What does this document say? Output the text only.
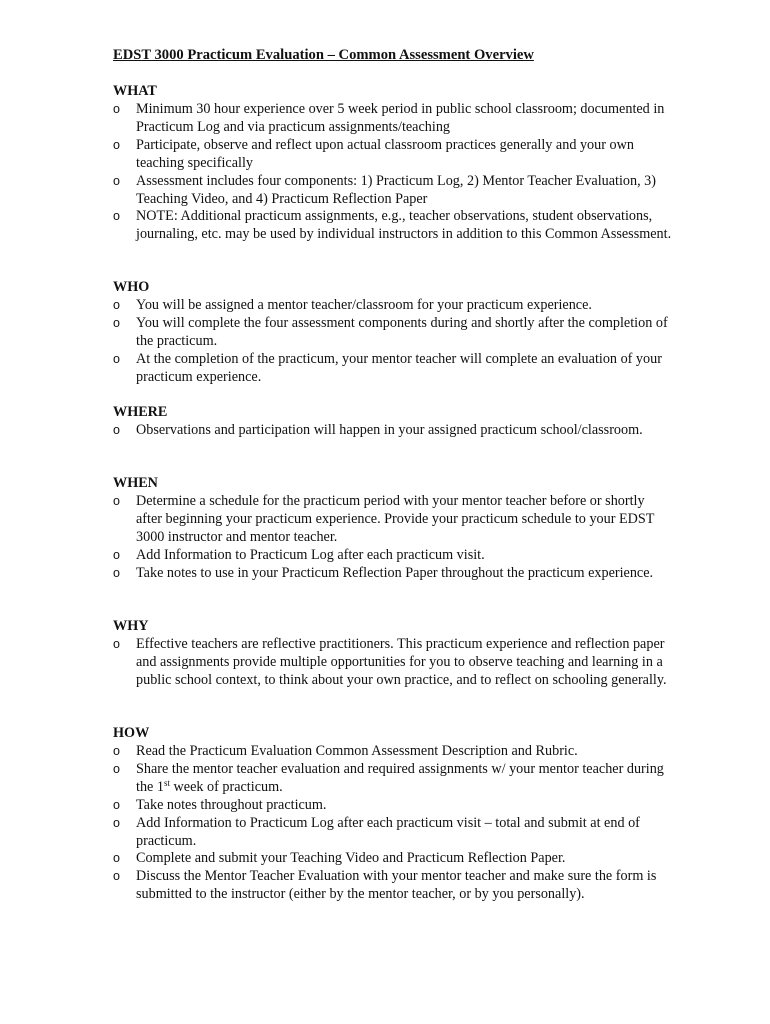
EDST 3000 Practicum Evaluation – Common Assessment Overview
WHAT
o Minimum 30 hour experience over 5 week period in public school classroom; documented in Practicum Log and via practicum assignments/teaching
o Participate, observe and reflect upon actual classroom practices generally and your own teaching specifically
o Assessment includes four components: 1) Practicum Log, 2) Mentor Teacher Evaluation, 3) Teaching Video, and 4) Practicum Reflection Paper
o NOTE: Additional practicum assignments, e.g., teacher observations, student observations, journaling, etc. may be used by individual instructors in addition to this Common Assessment.
WHO
o You will be assigned a mentor teacher/classroom for your practicum experience.
o You will complete the four assessment components during and shortly after the completion of the practicum.
o At the completion of the practicum, your mentor teacher will complete an evaluation of your practicum experience.
WHERE
o Observations and participation will happen in your assigned practicum school/classroom.
WHEN
o Determine a schedule for the practicum period with your mentor teacher before or shortly after beginning your practicum experience. Provide your practicum schedule to your EDST 3000 instructor and mentor teacher.
o Add Information to Practicum Log after each practicum visit.
o Take notes to use in your Practicum Reflection Paper throughout the practicum experience.
WHY
o Effective teachers are reflective practitioners. This practicum experience and reflection paper and assignments provide multiple opportunities for you to observe teaching and learning in a public school context, to think about your own practice, and to reflect on schooling generally.
HOW
o Read the Practicum Evaluation Common Assessment Description and Rubric.
o Share the mentor teacher evaluation and required assignments w/ your mentor teacher during the 1st week of practicum.
o Take notes throughout practicum.
o Add Information to Practicum Log after each practicum visit – total and submit at end of practicum.
o Complete and submit your Teaching Video and Practicum Reflection Paper.
o Discuss the Mentor Teacher Evaluation with your mentor teacher and make sure the form is submitted to the instructor (either by the mentor teacher, or by you personally).
